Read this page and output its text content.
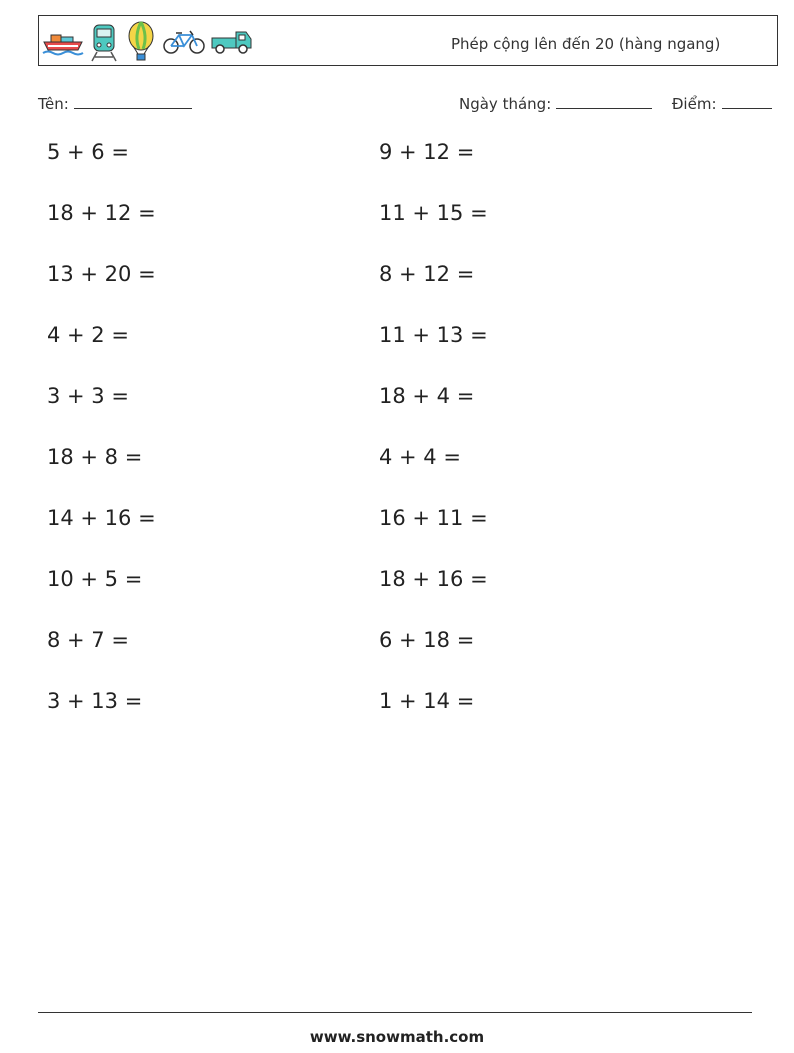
Phép cộng lên đến 20 (hàng ngang)
Tên:	Ngày tháng:	Điểm:
5 + 6 =	9 + 12 =
18 + 12 =	11 + 15 =
13 + 20 =	8 + 12 =
4 + 2 =	11 + 13 =
3 + 3 =	18 + 4 =
18 + 8 =	4 + 4 =
14 + 16 =	16 + 11 =
10 + 5 =	18 + 16 =
8 + 7 =	6 + 18 =
3 + 13 =	1 + 14 =
www.snowmath.com
